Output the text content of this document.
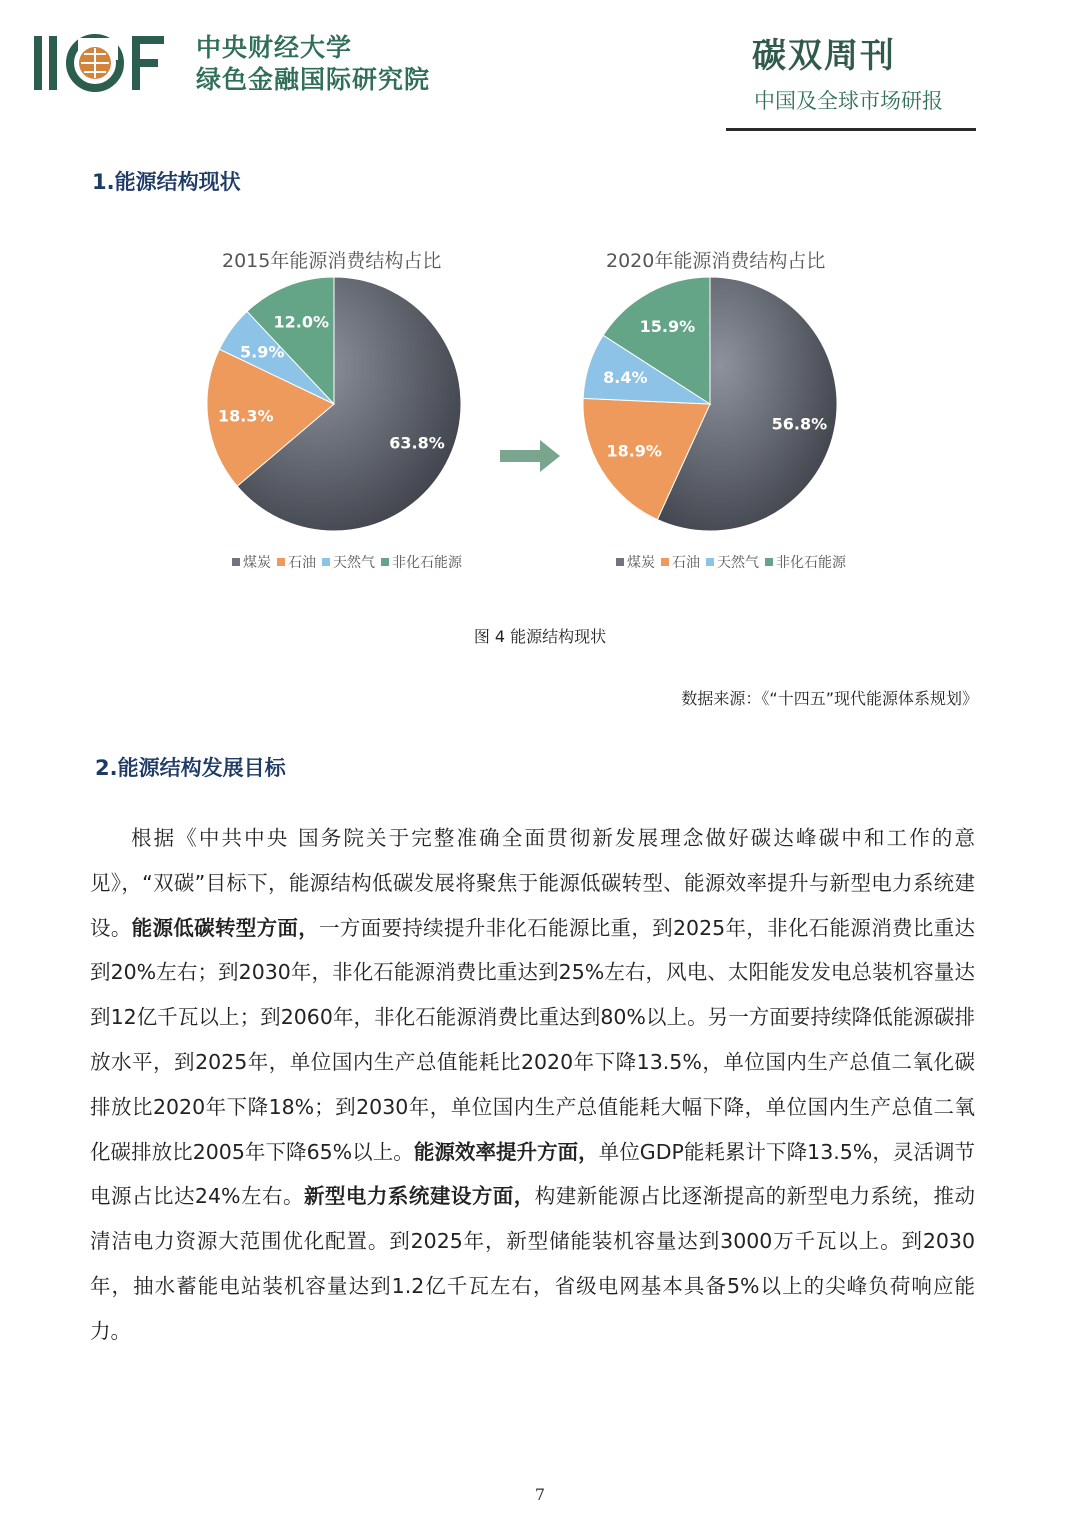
中央财经大学
绿色金融国际研究院
碳双周刊
中国及全球市场研报
1.能源结构现状
2015年能源消费结构占比	2020年能源消费结构占比
63.8%
18.3%
5.9%
12.0%
56.8%
18.9%
8.4%
15.9%
煤炭 石油 天然气 非化石能源	煤炭 石油 天然气 非化石能源
图 4 能源结构现状
数据来源：《“十四五”现代能源体系规划》
2.能源结构发展目标

根据《中共中央 国务院关于完整准确全面贯彻新发展理念做好碳达峰碳中和工作的意见》，“双碳”目标下，能源结构低碳发展将聚焦于能源低碳转型、能源效率提升与新型电力系统建设。能源低碳转型方面，一方面要持续提升非化石能源比重，到2025年，非化石能源消费比重达到20%左右；到2030年，非化石能源消费比重达到25%左右，风电、太阳能发发电总装机容量达到12亿千瓦以上；到2060年，非化石能源消费比重达到80%以上。另一方面要持续降低能源碳排放水平，到2025年，单位国内生产总值能耗比2020年下降13.5%，单位国内生产总值二氧化碳排放比2020年下降18%；到2030年，单位国内生产总值能耗大幅下降，单位国内生产总值二氧化碳排放比2005年下降65%以上。能源效率提升方面，单位GDP能耗累计下降13.5%，灵活调节电源占比达24%左右。新型电力系统建设方面，构建新能源占比逐渐提高的新型电力系统，推动清洁电力资源大范围优化配置。到2025年，新型储能装机容量达到3000万千瓦以上。到2030年，抽水蓄能电站装机容量达到1.2亿千瓦左右，省级电网基本具备5%以上的尖峰负荷响应能力。

7
